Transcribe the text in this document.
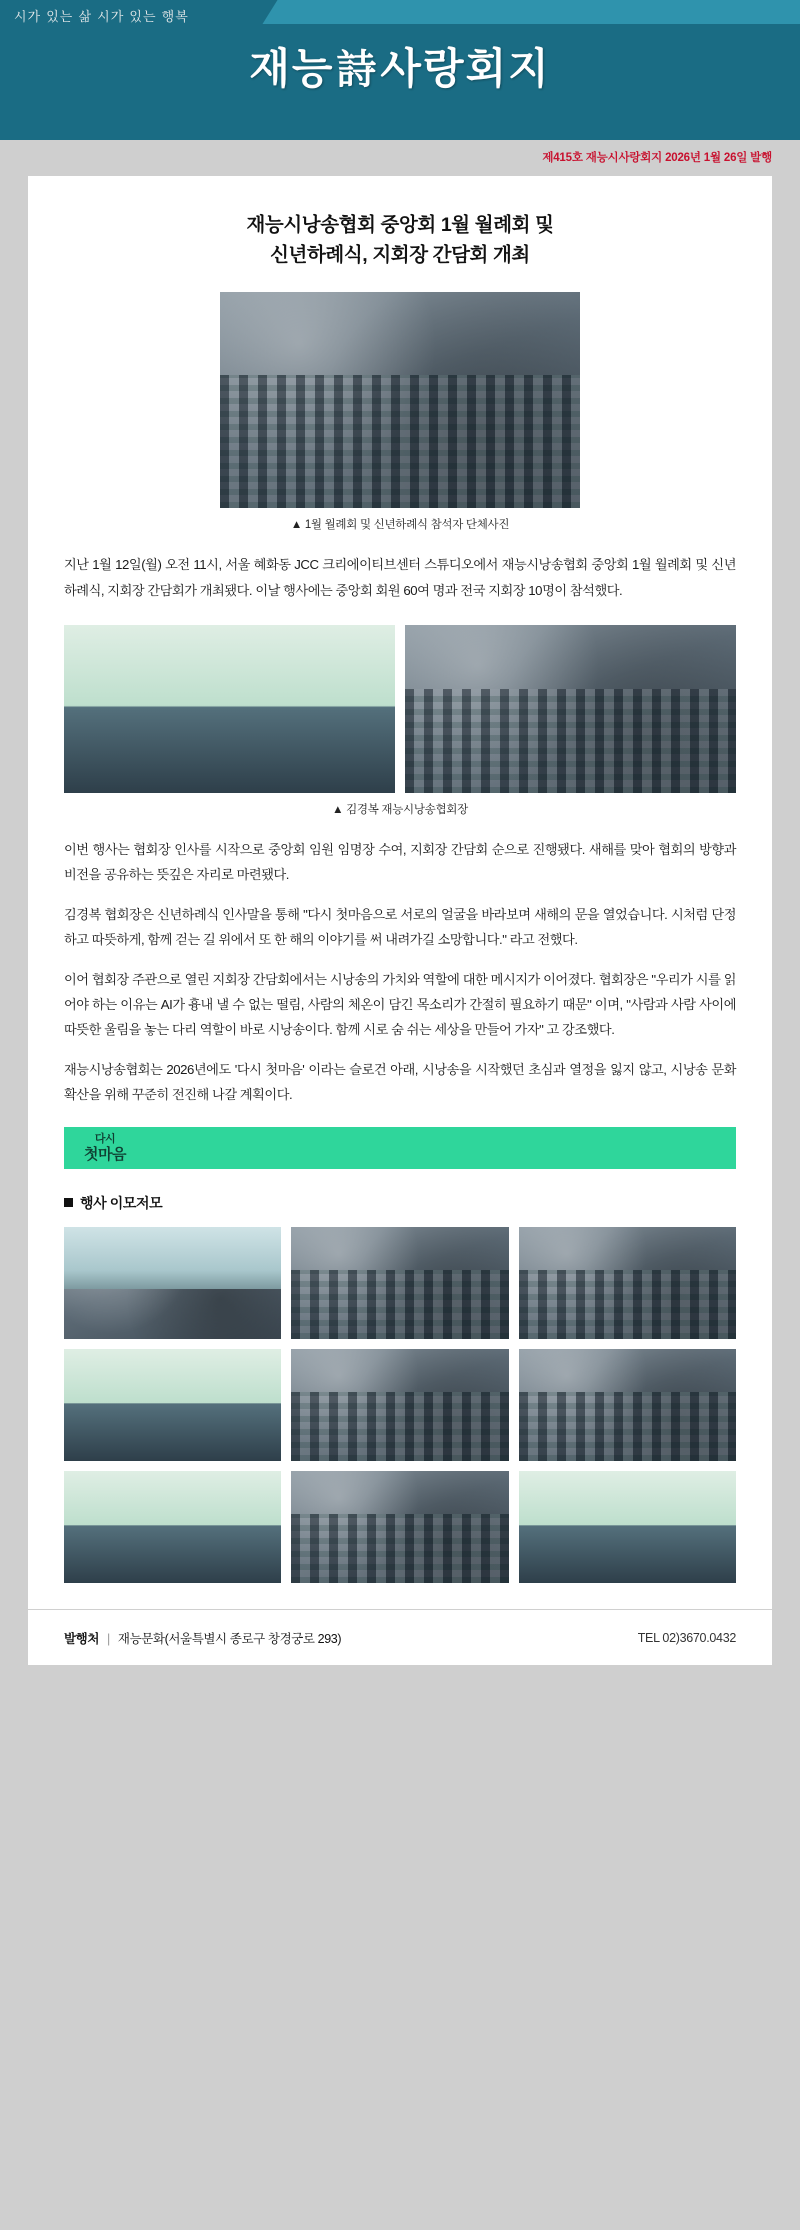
시가 있는 삶 시가 있는 행복
재능詩사랑회지
제415호 재능시사랑회지 2026년 1월 26일 발행
재능시낭송협회 중앙회 1월 월례회 및
신년하례식, 지회장 간담회 개최
▲ 1월 월례회 및 신년하례식 참석자 단체사진

지난 1월 12일(월) 오전 11시, 서울 혜화동 JCC 크리에이티브센터 스튜디오에서 재능시낭송협회 중앙회 1월 월례회 및 신년하례식, 지회장 간담회가 개최됐다. 이날 행사에는 중앙회 회원 60여 명과 전국 지회장 10명이 참석했다.

▲ 김경복 재능시낭송협회장

이번 행사는 협회장 인사를 시작으로 중앙회 임원 임명장 수여, 지회장 간담회 순으로 진행됐다. 새해를 맞아 협회의 방향과 비전을 공유하는 뜻깊은 자리로 마련됐다.

김경복 협회장은 신년하례식 인사말을 통해 "다시 첫마음으로 서로의 얼굴을 바라보며 새해의 문을 열었습니다. 시처럼 단정하고 따뜻하게, 함께 걷는 길 위에서 또 한 해의 이야기를 써 내려가길 소망합니다." 라고 전했다.

이어 협회장 주관으로 열린 지회장 간담회에서는 시낭송의 가치와 역할에 대한 메시지가 이어졌다. 협회장은 "우리가 시를 읽어야 하는 이유는 AI가 흉내 낼 수 없는 떨림, 사람의 체온이 담긴 목소리가 간절히 필요하기 때문" 이며, "사람과 사람 사이에 따뜻한 울림을 놓는 다리 역할이 바로 시낭송이다. 함께 시로 숨 쉬는 세상을 만들어 가자" 고 강조했다.

재능시낭송협회는 2026년에도 '다시 첫마음' 이라는 슬로건 아래, 시낭송을 시작했던 초심과 열정을 잃지 않고, 시낭송 문화 확산을 위해 꾸준히 전진해 나갈 계획이다.

다시
첫마음
행사 이모저모
발행처 | 재능문화(서울특별시 종로구 창경궁로 293)	TEL 02)3670.0432
